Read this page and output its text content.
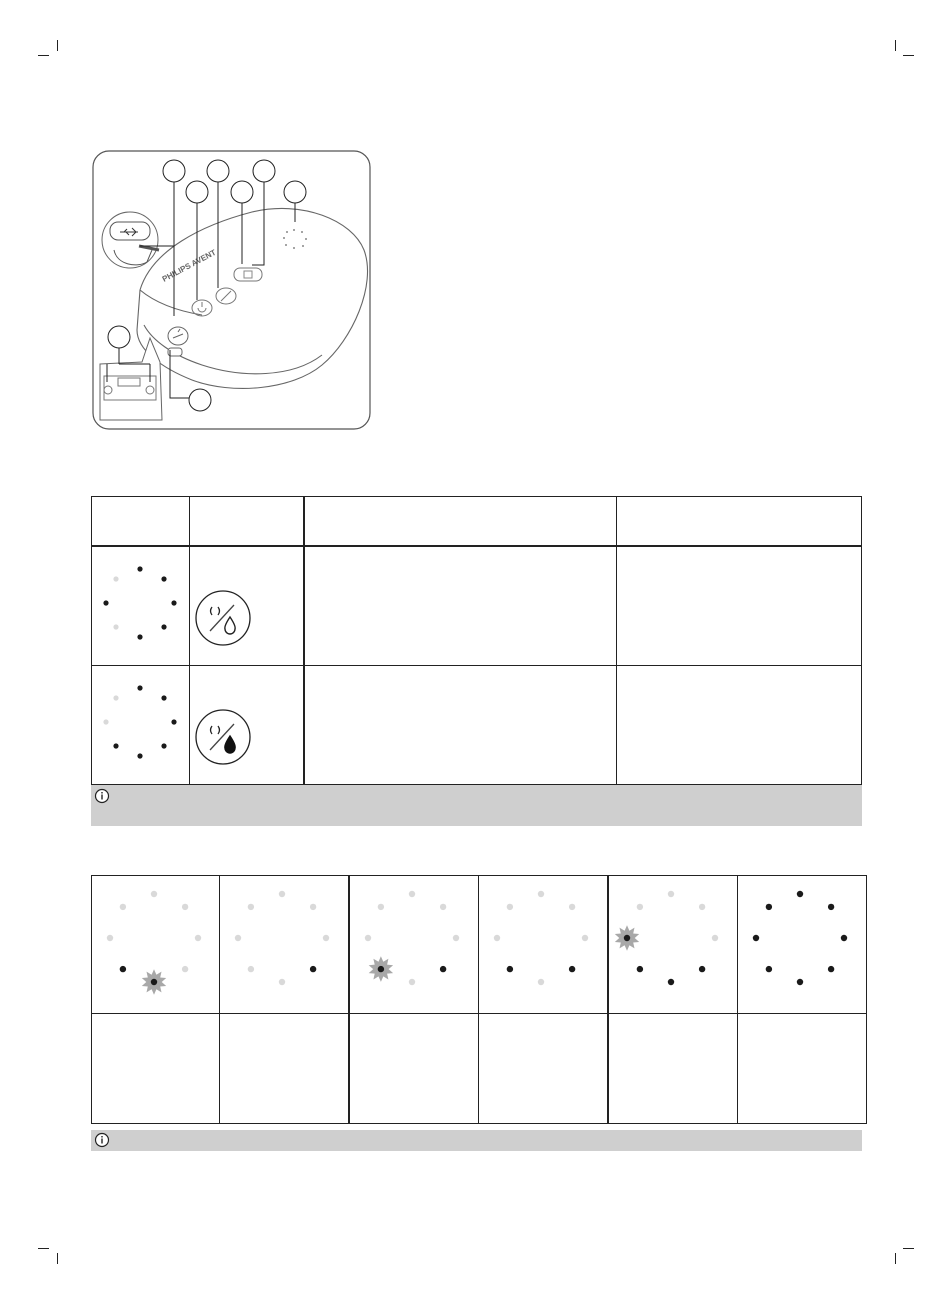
PHILIPS AVENT
